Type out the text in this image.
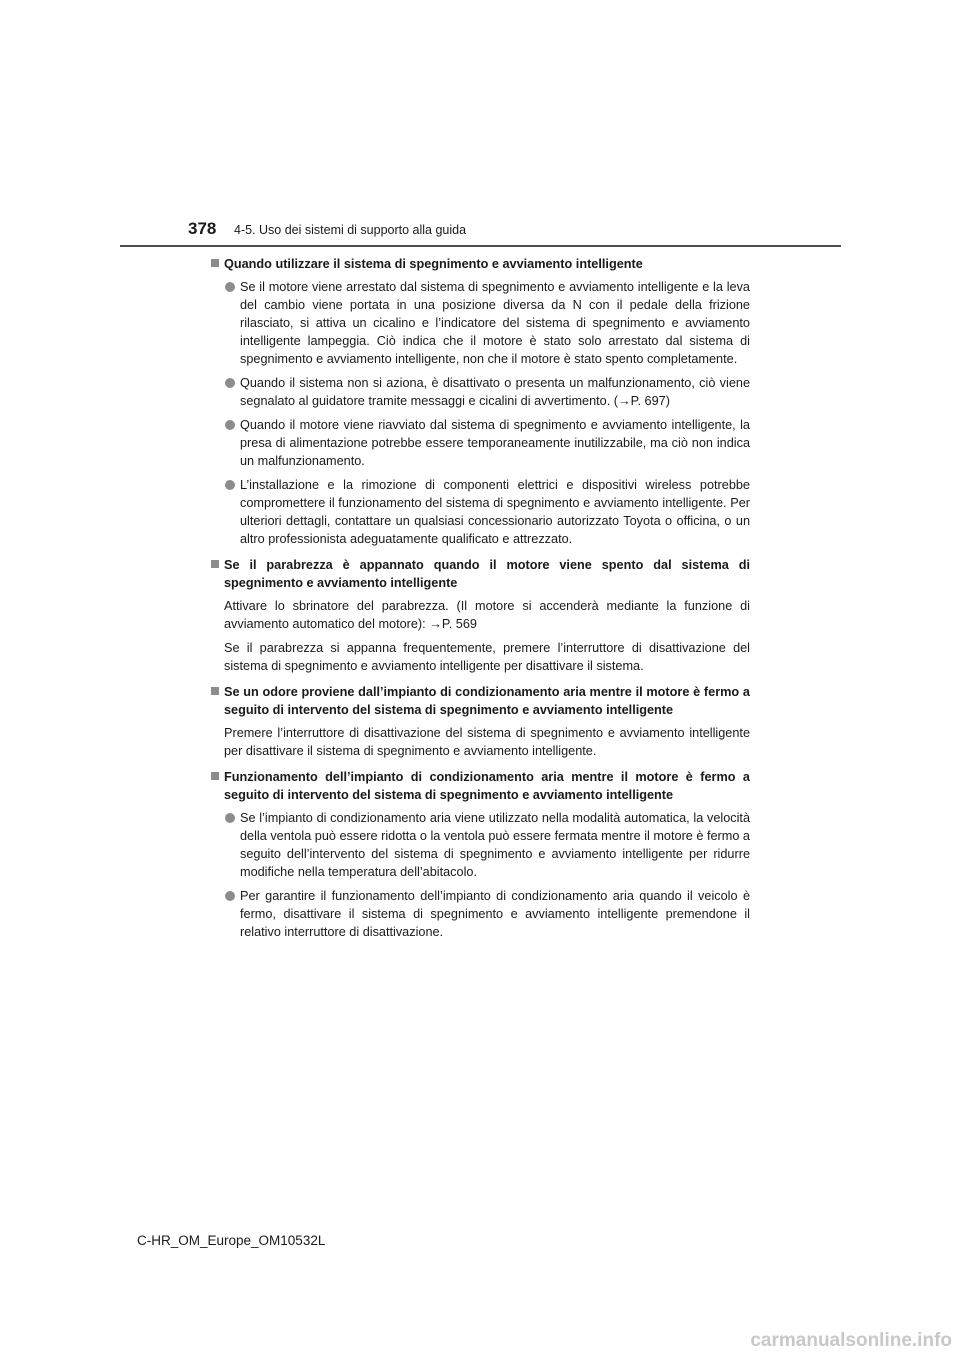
378 4-5. Uso dei sistemi di supporto alla guida
Quando utilizzare il sistema di spegnimento e avviamento intelligente
Se il motore viene arrestato dal sistema di spegnimento e avviamento intelligente e la leva del cambio viene portata in una posizione diversa da N con il pedale della frizione rilasciato, si attiva un cicalino e l’indicatore del sistema di spegnimento e avviamento intelligente lampeggia. Ciò indica che il motore è stato solo arrestato dal sistema di spegnimento e avviamento intelligente, non che il motore è stato spento completamente.
Quando il sistema non si aziona, è disattivato o presenta un malfunzionamento, ciò viene segnalato al guidatore tramite messaggi e cicalini di avvertimento. (→P. 697)
Quando il motore viene riavviato dal sistema di spegnimento e avviamento intelligente, la presa di alimentazione potrebbe essere temporaneamente inutilizzabile, ma ciò non indica un malfunzionamento.
L’installazione e la rimozione di componenti elettrici e dispositivi wireless potrebbe compromettere il funzionamento del sistema di spegnimento e avviamento intelligente. Per ulteriori dettagli, contattare un qualsiasi concessionario autorizzato Toyota o officina, o un altro professionista adeguatamente qualificato e attrezzato.
Se il parabrezza è appannato quando il motore viene spento dal sistema di spegnimento e avviamento intelligente
Attivare lo sbrinatore del parabrezza. (Il motore si accenderà mediante la funzione di avviamento automatico del motore): →P. 569
Se il parabrezza si appanna frequentemente, premere l’interruttore di disattivazione del sistema di spegnimento e avviamento intelligente per disattivare il sistema.
Se un odore proviene dall’impianto di condizionamento aria mentre il motore è fermo a seguito di intervento del sistema di spegnimento e avviamento intelligente
Premere l’interruttore di disattivazione del sistema di spegnimento e avviamento intelligente per disattivare il sistema di spegnimento e avviamento intelligente.
Funzionamento dell’impianto di condizionamento aria mentre il motore è fermo a seguito di intervento del sistema di spegnimento e avviamento intelligente
Se l’impianto di condizionamento aria viene utilizzato nella modalità automatica, la velocità della ventola può essere ridotta o la ventola può essere fermata mentre il motore è fermo a seguito dell’intervento del sistema di spegnimento e avviamento intelligente per ridurre modifiche nella temperatura dell’abitacolo.
Per garantire il funzionamento dell’impianto di condizionamento aria quando il veicolo è fermo, disattivare il sistema di spegnimento e avviamento intelligente premendone il relativo interruttore di disattivazione.
C-HR_OM_Europe_OM10532L
carmanualsonline.info
